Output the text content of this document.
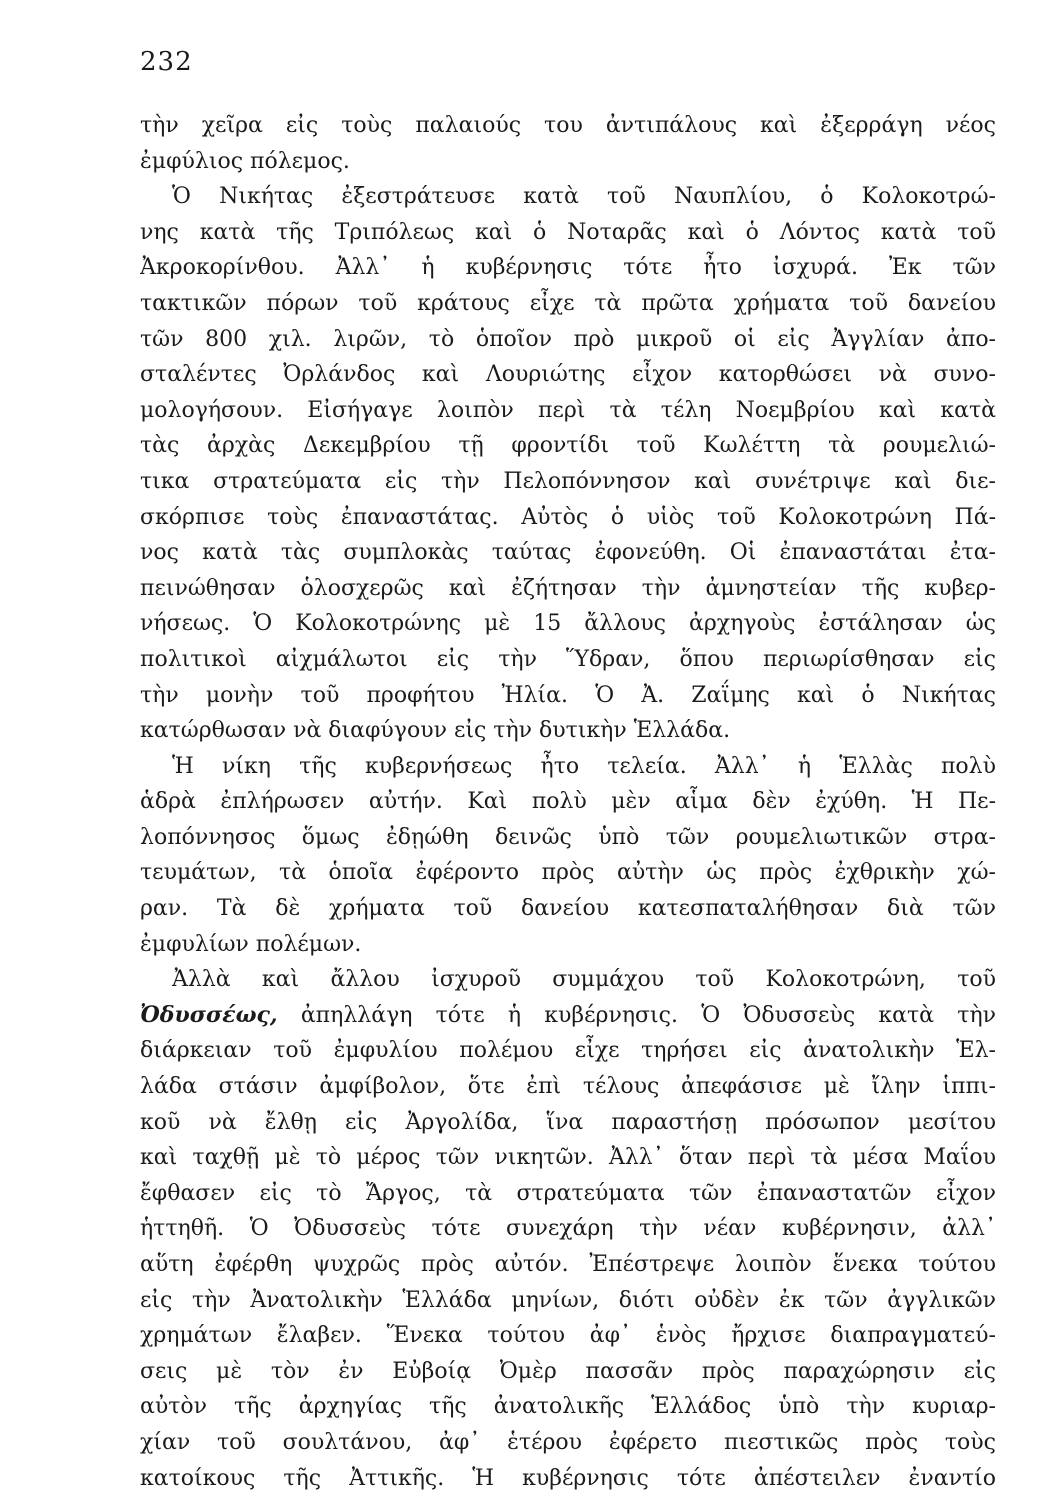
232
τὴν χεῖρα εἰς τοὺς παλαιούς του ἀντιπάλους καὶ ἐξερράγη νέος
ἐμφύλιος πόλεμος.
Ὁ Νικήτας ἐξεστράτευσε κατὰ τοῦ Ναυπλίου, ὁ Κολοκοτρώ-
νης κατὰ τῆς Τριπόλεως καὶ ὁ Νοταρᾶς καὶ ὁ Λόντος κατὰ τοῦ
Ἀκροκορίνθου. Ἀλλ᾽ ἡ κυβέρνησις τότε ἦτο ἰσχυρά. Ἐκ τῶν
τακτικῶν πόρων τοῦ κράτους εἶχε τὰ πρῶτα χρήματα τοῦ δανείου
τῶν 800 χιλ. λιρῶν, τὸ ὁποῖον πρὸ μικροῦ οἱ εἰς Ἀγγλίαν ἀπο-
σταλέντες Ὀρλάνδος καὶ Λουριώτης εἶχον κατορθώσει νὰ συνο-
μολογήσουν. Εἰσήγαγε λοιπὸν περὶ τὰ τέλη Νοεμβρίου καὶ κατὰ
τὰς ἀρχὰς Δεκεμβρίου τῇ φροντίδι τοῦ Κωλέττη τὰ ρουμελιώ-
τικα στρατεύματα εἰς τὴν Πελοπόννησον καὶ συνέτριψε καὶ διε-
σκόρπισε τοὺς ἐπαναστάτας. Αὐτὸς ὁ υἱὸς τοῦ Κολοκοτρώνη Πά-
νος κατὰ τὰς συμπλοκὰς ταύτας ἐφονεύθη. Οἱ ἐπαναστάται ἐτα-
πεινώθησαν ὁλοσχερῶς καὶ ἐζήτησαν τὴν ἀμνηστείαν τῆς κυβερ-
νήσεως. Ὁ Κολοκοτρώνης μὲ 15 ἄλλους ἀρχηγοὺς ἐστάλησαν ὡς
πολιτικοὶ αἰχμάλωτοι εἰς τὴν Ὕδραν, ὅπου περιωρίσθησαν εἰς
τὴν μονὴν τοῦ προφήτου Ἠλία. Ὁ Ἀ. Ζαΐμης καὶ ὁ Νικήτας
κατώρθωσαν νὰ διαφύγουν εἰς τὴν δυτικὴν Ἑλλάδα.
Ἡ νίκη τῆς κυβερνήσεως ἦτο τελεία. Ἀλλ᾽ ἡ Ἑλλὰς πολὺ
ἁδρὰ ἐπλήρωσεν αὐτήν. Καὶ πολὺ μὲν αἷμα δὲν ἐχύθη. Ἡ Πε-
λοπόννησος ὅμως ἐδῃώθη δεινῶς ὑπὸ τῶν ρουμελιωτικῶν στρα-
τευμάτων, τὰ ὁποῖα ἐφέροντο πρὸς αὐτὴν ὡς πρὸς ἐχθρικὴν χώ-
ραν. Τὰ δὲ χρήματα τοῦ δανείου κατεσπαταλήθησαν διὰ τῶν
ἐμφυλίων πολέμων.
Ἀλλὰ καὶ ἄλλου ἰσχυροῦ συμμάχου τοῦ Κολοκοτρώνη, τοῦ
Ὀδυσσέως, ἀπηλλάγη τότε ἡ κυβέρνησις. Ὁ Ὀδυσσεὺς κατὰ τὴν
διάρκειαν τοῦ ἐμφυλίου πολέμου εἶχε τηρήσει εἰς ἀνατολικὴν Ἑλ-
λάδα στάσιν ἀμφίβολον, ὅτε ἐπὶ τέλους ἀπεφάσισε μὲ ἴλην ἱππι-
κοῦ νὰ ἔλθῃ εἰς Ἀργολίδα, ἵνα παραστήσῃ πρόσωπον μεσίτου
καὶ ταχθῇ μὲ τὸ μέρος τῶν νικητῶν. Ἀλλ᾽ ὅταν περὶ τὰ μέσα Μαΐου
ἔφθασεν εἰς τὸ Ἄργος, τὰ στρατεύματα τῶν ἐπαναστατῶν εἶχον
ἡττηθῆ. Ὁ Ὀδυσσεὺς τότε συνεχάρη τὴν νέαν κυβέρνησιν, ἀλλ᾽
αὕτη ἐφέρθη ψυχρῶς πρὸς αὐτόν. Ἐπέστρεψε λοιπὸν ἕνεκα τούτου
εἰς τὴν Ἀνατολικὴν Ἑλλάδα μηνίων, διότι οὐδὲν ἐκ τῶν ἀγγλικῶν
χρημάτων ἔλαβεν. Ἕνεκα τούτου ἀφ᾽ ἑνὸς ἤρχισε διαπραγματεύ-
σεις μὲ τὸν ἐν Εὐβοίᾳ Ὀμὲρ πασσᾶν πρὸς παραχώρησιν εἰς
αὐτὸν τῆς ἀρχηγίας τῆς ἀνατολικῆς Ἑλλάδος ὑπὸ τὴν κυριαρ-
χίαν τοῦ σουλτάνου, ἀφ᾽ ἑτέρου ἐφέρετο πιεστικῶς πρὸς τοὺς
κατοίκους τῆς Ἀττικῆς. Ἡ κυβέρνησις τότε ἀπέστειλεν ἐναντίο
